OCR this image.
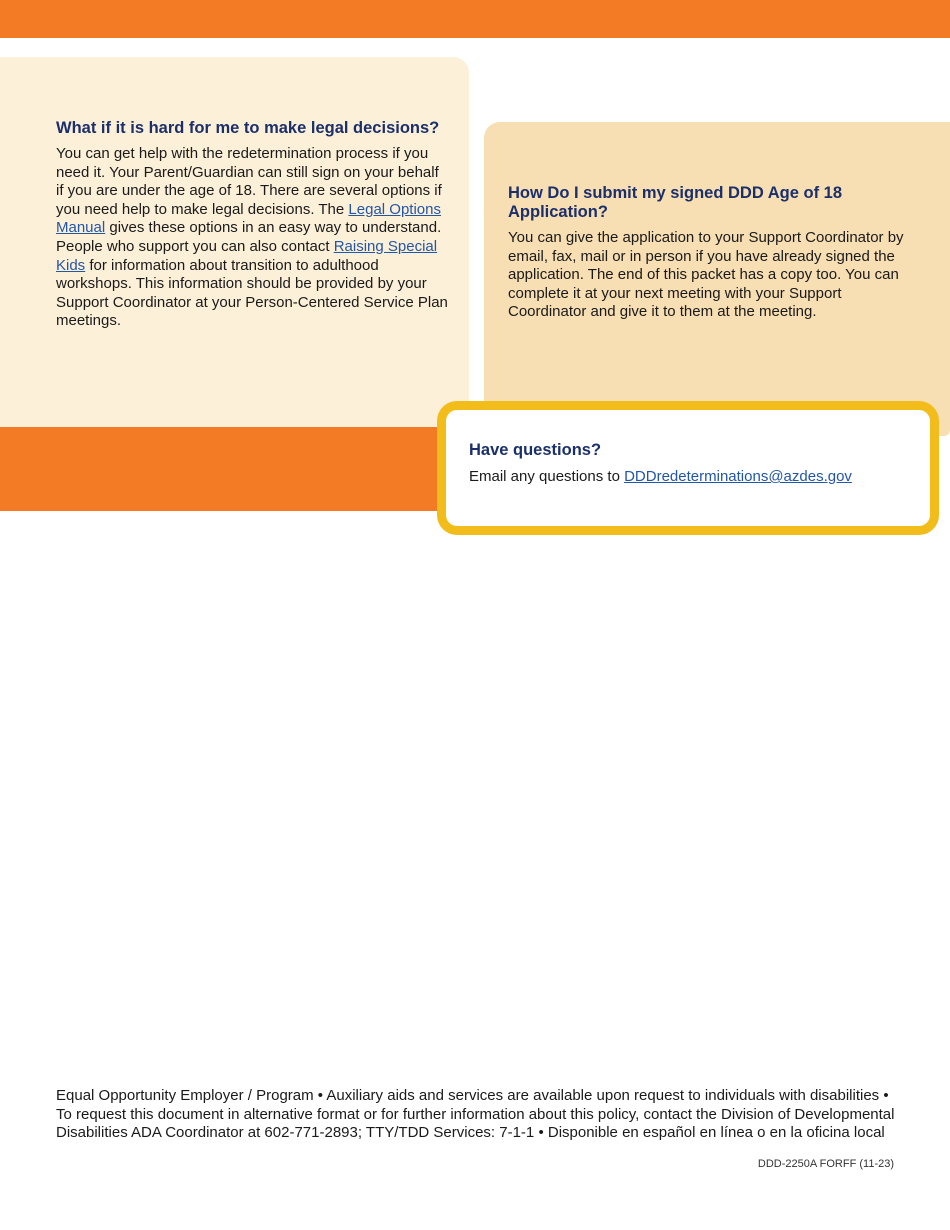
What if it is hard for me to make legal decisions?

You can get help with the redetermination process if you need it. Your Parent/Guardian can still sign on your behalf if you are under the age of 18. There are several options if you need help to make legal decisions. The Legal Options Manual gives these options in an easy way to understand. People who support you can also contact Raising Special Kids for information about transition to adulthood workshops. This information should be provided by your Support Coordinator at your Person-Centered Service Plan meetings.

How Do I submit my signed DDD Age of 18 Application?

You can give the application to your Support Coordinator by email, fax, mail or in person if you have already signed the application. The end of this packet has a copy too. You can complete it at your next meeting with your Support Coordinator and give it to them at the meeting.

Have questions?

Email any questions to DDDredeterminations@azdes.gov

Equal Opportunity Employer / Program • Auxiliary aids and services are available upon request to individuals with disabilities • To request this document in alternative format or for further information about this policy, contact the Division of Developmental Disabilities ADA Coordinator at 602-771-2893; TTY/TDD Services: 7-1-1 • Disponible en español en línea o en la oficina local

DDD-2250A FORFF (11-23)
